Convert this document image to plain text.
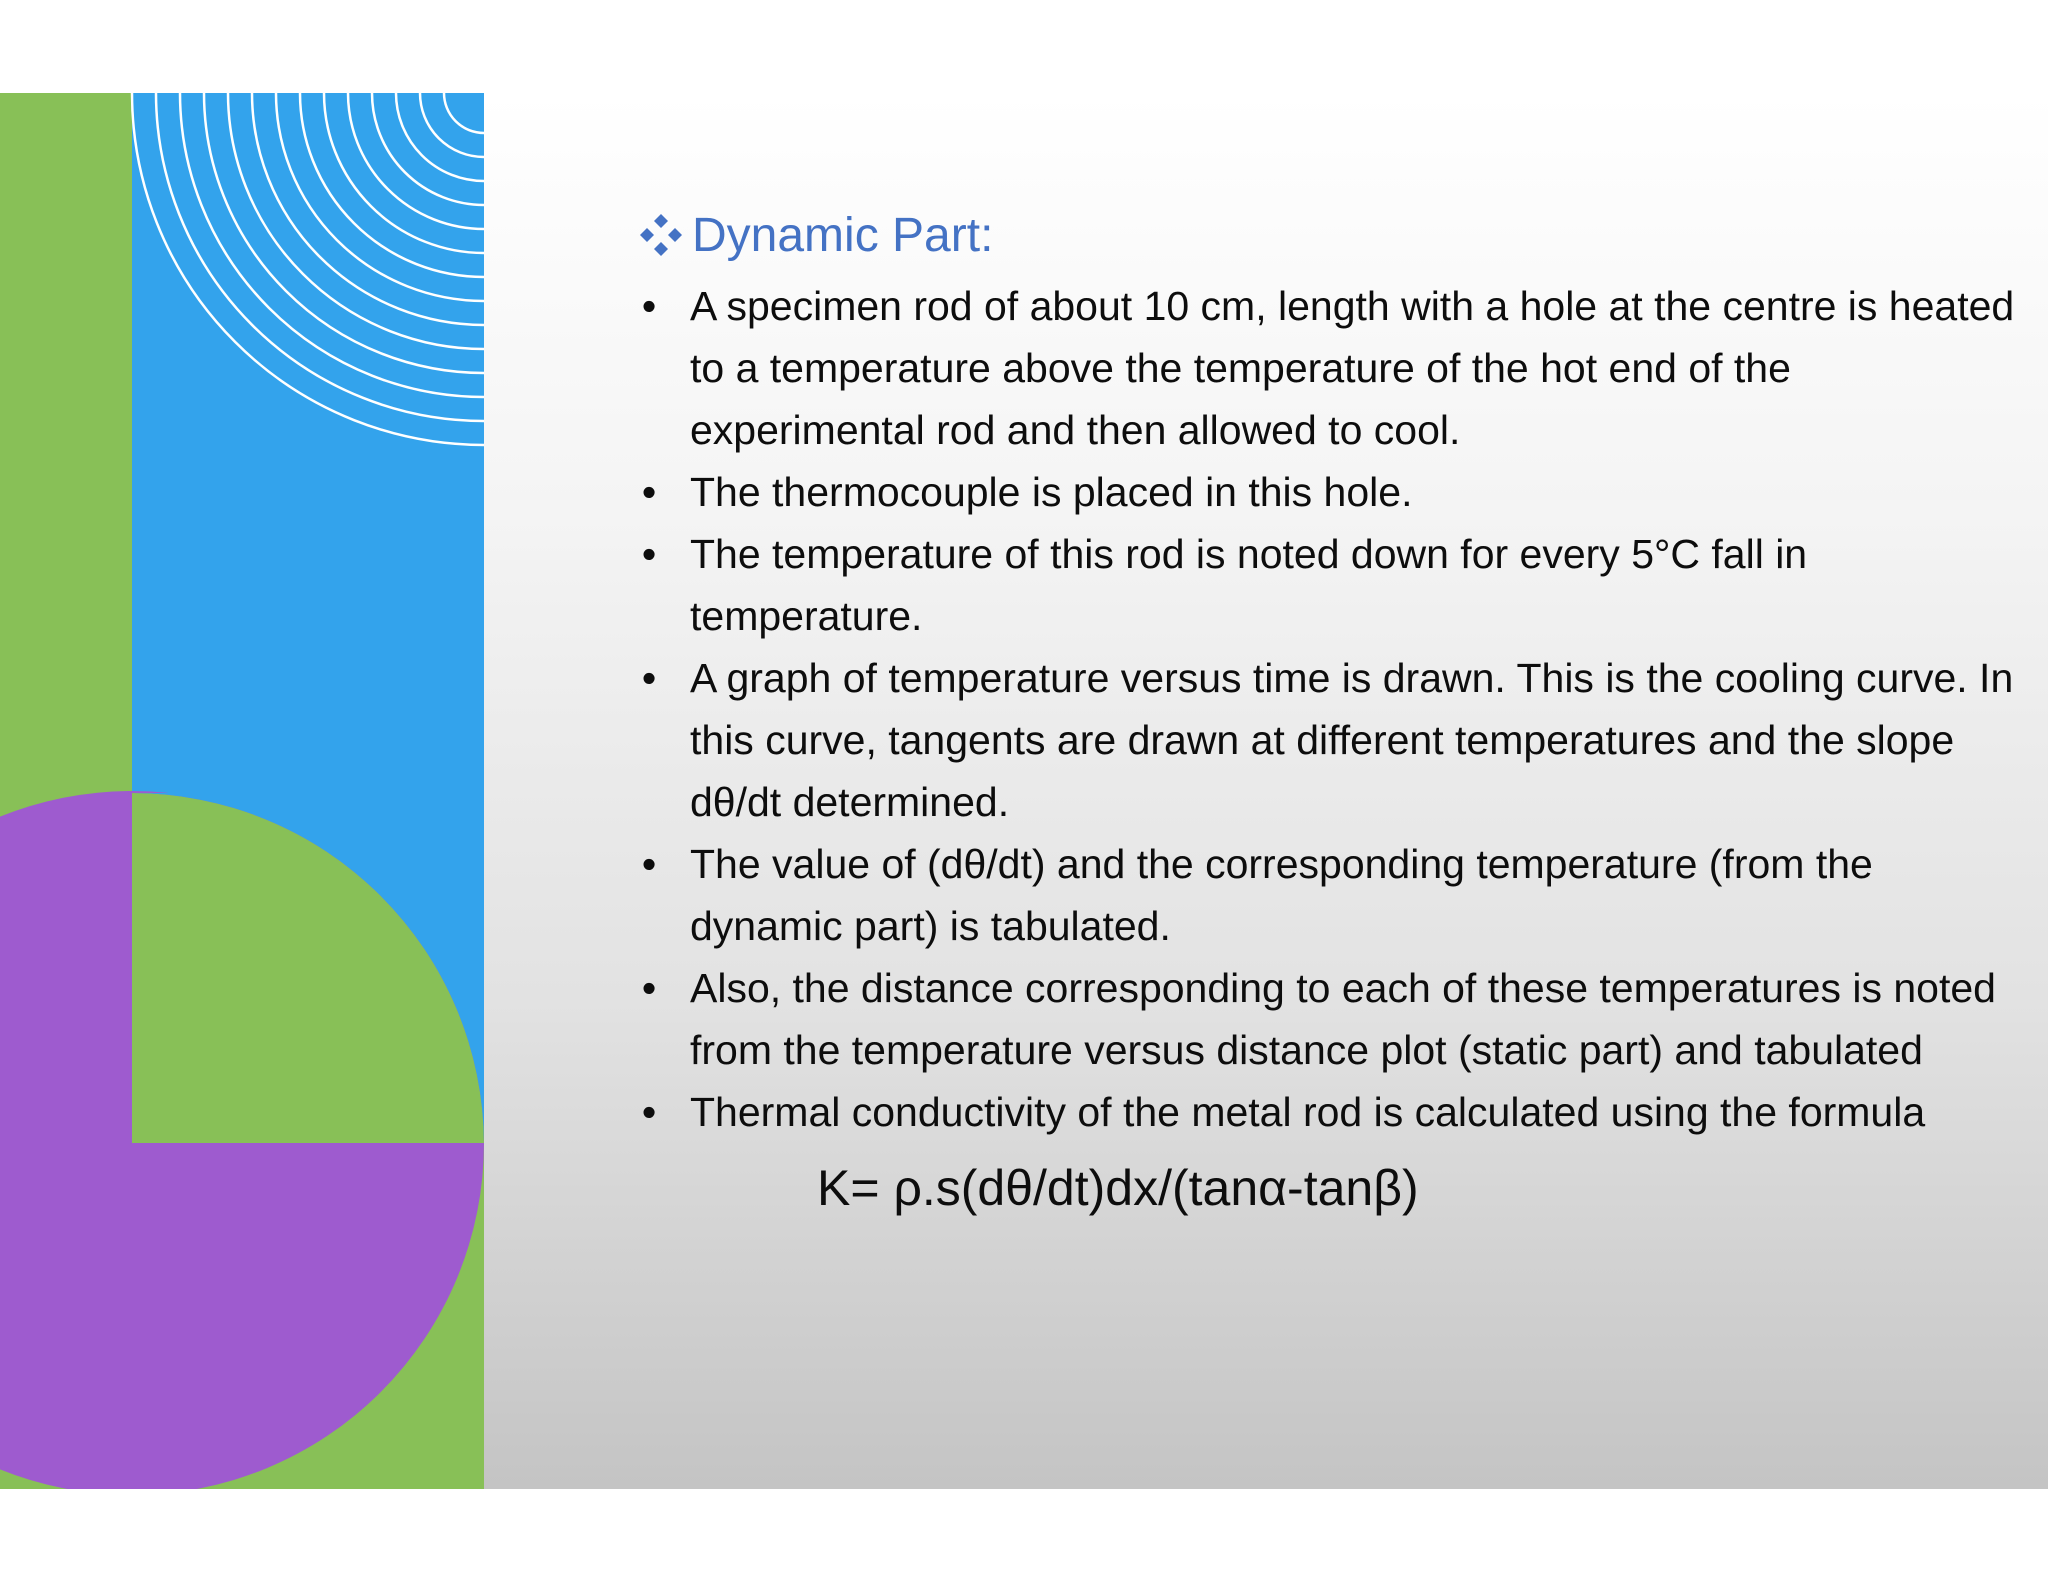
Dynamic Part:
• A specimen rod of about 10 cm, length with a hole at the centre is heated to a temperature above the temperature of the hot end of the experimental rod and then allowed to cool.
• The thermocouple is placed in this hole.
• The temperature of this rod is noted down for every 5°C fall in temperature.
• A graph of temperature versus time is drawn. This is the cooling curve. In this curve, tangents are drawn at different temperatures and the slope dθ/dt determined.
• The value of (dθ/dt) and the corresponding temperature (from the dynamic part) is tabulated.
• Also, the distance corresponding to each of these temperatures is noted from the temperature versus distance plot (static part) and tabulated
• Thermal conductivity of the metal rod is calculated using the formula
K= ρ.s(dθ/dt)dx/(tanα-tanβ)
